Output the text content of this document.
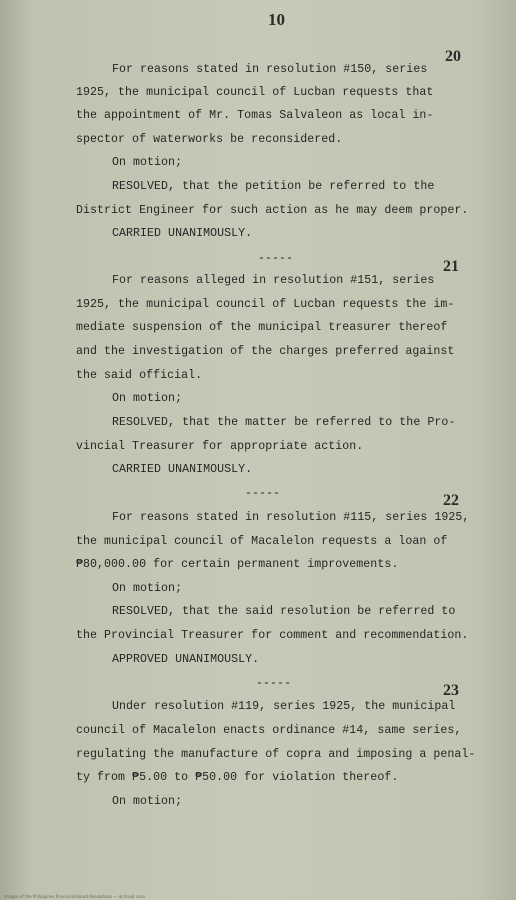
10
20
For reasons stated in resolution #150, series
1925, the municipal council of Lucban requests that
the appointment of Mr. Tomas Salvaleon as local in-
spector of waterworks be reconsidered.
On motion;
RESOLVED, that the petition be referred to the
District Engineer for such action as he may deem proper.
CARRIED UNANIMOUSLY.
-----	21
For reasons alleged in resolution #151, series
1925, the municipal council of Lucban requests the im-
mediate suspension of the municipal treasurer thereof
and the investigation of the charges preferred against
the said official.
On motion;
RESOLVED, that the matter be referred to the Pro-
vincial Treasurer for appropriate action.
CARRIED UNANIMOUSLY.
-----	22
For reasons stated in resolution #115, series 1925,
the municipal council of Macalelon requests a loan of
₱80,000.00 for certain permanent improvements.
On motion;
RESOLVED, that the said resolution be referred to
the Provincial Treasurer for comment and recommendation.
APPROVED UNANIMOUSLY.
-----	23
Under resolution #119, series 1925, the municipal
council of Macalelon enacts ordinance #14, same series,
regulating the manufacture of copra and imposing a penal-
ty from ₱5.00 to ₱50.00 for violation thereof.
On motion;
Images of the Philippines Provincial Board Resolutions — archival scan
